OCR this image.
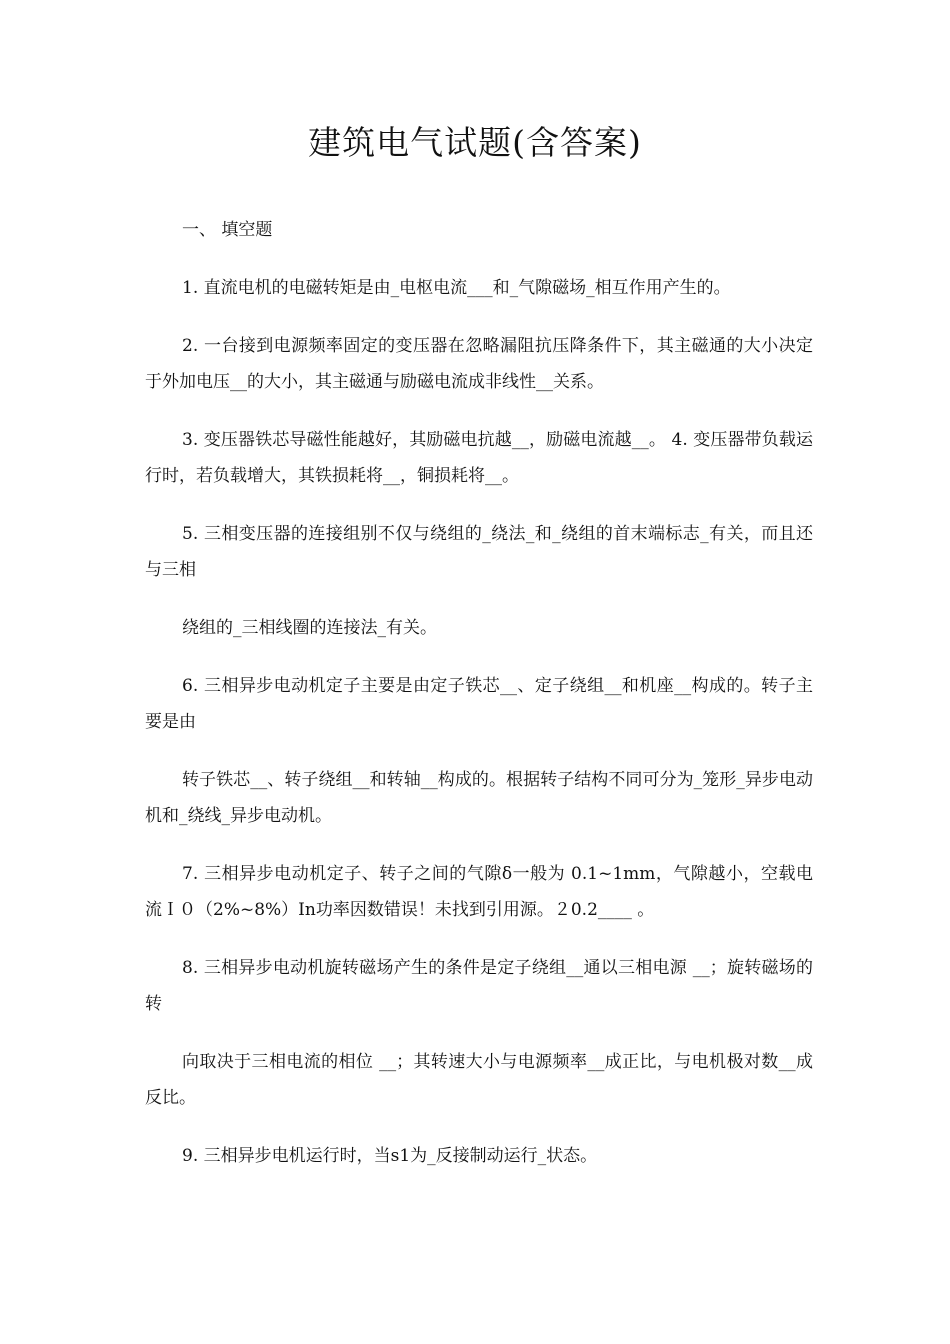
建筑电气试题(含答案)

一、 填空题

1. 直流电机的电磁转矩是由_电枢电流___和_气隙磁场_相互作用产生的。

2. 一台接到电源频率固定的变压器在忽略漏阻抗压降条件下，其主磁通的大小决定于外加电压__的大小，其主磁通与励磁电流成非线性__关系。

3. 变压器铁芯导磁性能越好，其励磁电抗越__，励磁电流越__。 4. 变压器带负载运行时，若负载增大，其铁损耗将__，铜损耗将__。

5. 三相变压器的连接组别不仅与绕组的_绕法_和_绕组的首末端标志_有关，而且还与三相

绕组的_三相线圈的连接法_有关。

6. 三相异步电动机定子主要是由定子铁芯__、定子绕组__和机座__构成的。转子主要是由

转子铁芯__、转子绕组__和转轴__构成的。根据转子结构不同可分为_笼形_异步电动机和_绕线_异步电动机。

7. 三相异步电动机定子、转子之间的气隙δ一般为 0.1~1mm，气隙越小，空载电流Ｉ０（2%~8%）In功率因数错误！未找到引用源。２0.2____ 。

8. 三相异步电动机旋转磁场产生的条件是定子绕组__通以三相电源 __；旋转磁场的转

向取决于三相电流的相位 __；其转速大小与电源频率__成正比，与电机极对数__成反比。

9. 三相异步电机运行时，当s1为_反接制动运行_状态。
